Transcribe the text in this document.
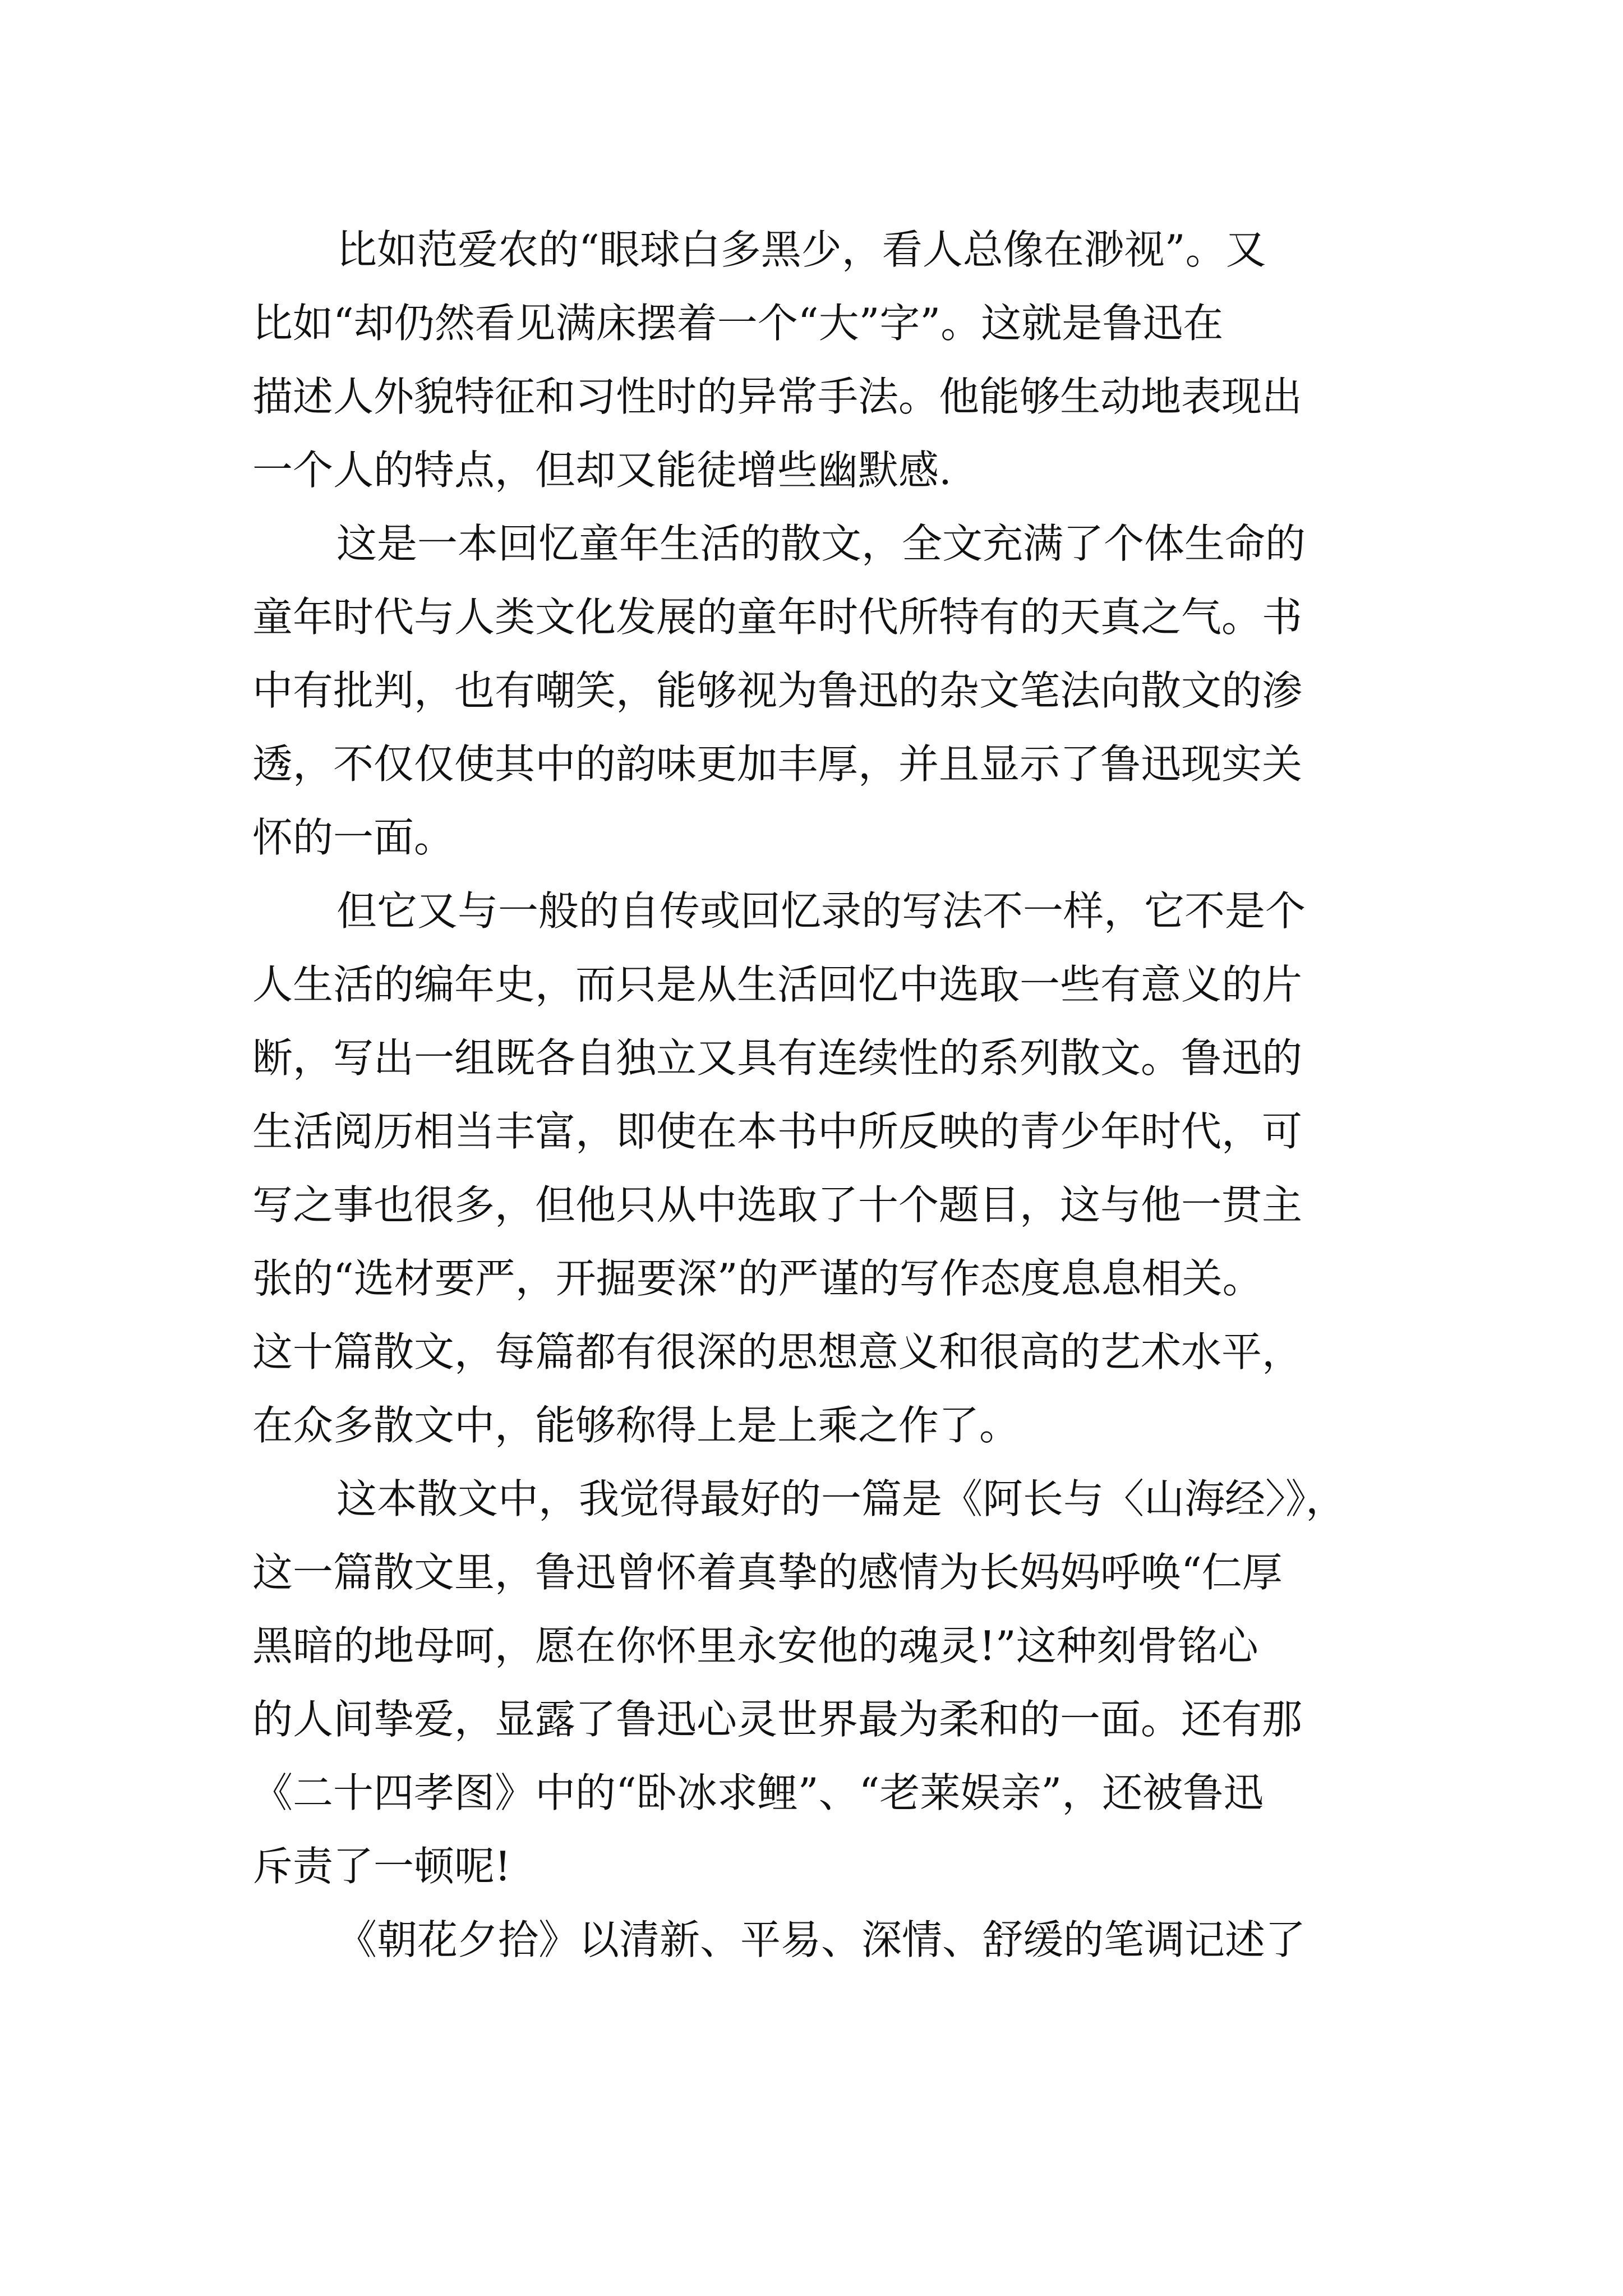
比如范爱农的“眼球白多黑少，看人总像在渺视”。又
比如“却仍然看见满床摆着一个“大”字”。这就是鲁迅在
描述人外貌特征和习性时的异常手法。他能够生动地表现出
一个人的特点，但却又能徒增些幽默感.
这是一本回忆童年生活的散文，全文充满了个体生命的
童年时代与人类文化发展的童年时代所特有的天真之气。书
中有批判，也有嘲笑，能够视为鲁迅的杂文笔法向散文的渗
透，不仅仅使其中的韵味更加丰厚，并且显示了鲁迅现实关
怀的一面。
但它又与一般的自传或回忆录的写法不一样，它不是个
人生活的编年史，而只是从生活回忆中选取一些有意义的片
断，写出一组既各自独立又具有连续性的系列散文。鲁迅的
生活阅历相当丰富，即使在本书中所反映的青少年时代，可
写之事也很多，但他只从中选取了十个题目，这与他一贯主
张的“选材要严，开掘要深”的严谨的写作态度息息相关。
这十篇散文，每篇都有很深的思想意义和很高的艺术水平，
在众多散文中，能够称得上是上乘之作了。
这本散文中，我觉得最好的一篇是《阿长与〈山海经〉》，
这一篇散文里，鲁迅曾怀着真挚的感情为长妈妈呼唤“仁厚
黑暗的地母呵，愿在你怀里永安他的魂灵!”这种刻骨铭心
的人间挚爱，显露了鲁迅心灵世界最为柔和的一面。还有那
《二十四孝图》中的“卧冰求鲤”、“老莱娱亲”，还被鲁迅
斥责了一顿呢!
《朝花夕拾》以清新、平易、深情、舒缓的笔调记述了
